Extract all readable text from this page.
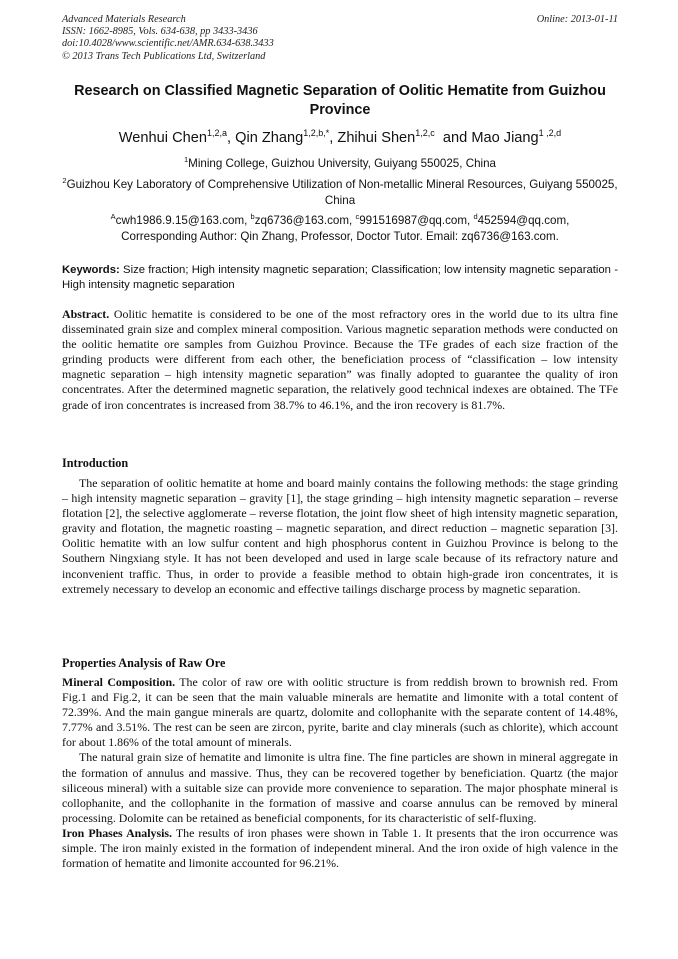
Advanced Materials Research
ISSN: 1662-8985, Vols. 634-638, pp 3433-3436
doi:10.4028/www.scientific.net/AMR.634-638.3433
© 2013 Trans Tech Publications Ltd, Switzerland
Online: 2013-01-11
Research on Classified Magnetic Separation of Oolitic Hematite from Guizhou Province
Wenhui Chen$^{1,2,a}$, Qin Zhang$^{1,2,b,*}$, Zhihui Shen$^{1,2,c}$  and Mao Jiang$^{1 ,2,d}$
$^1$Mining College, Guizhou University, Guiyang 550025, China
$^2$Guizhou Key Laboratory of Comprehensive Utilization of Non-metallic Mineral Resources, Guiyang 550025, China
$^A$cwh1986.9.15@163.com, $^b$zq6736@163.com, $^c$991516987@qq.com, $^d$452594@qq.com,
Corresponding Author: Qin Zhang, Professor, Doctor Tutor. Email: zq6736@163.com.
Keywords: Size fraction; High intensity magnetic separation; Classification; low intensity magnetic separation - High intensity magnetic separation

Abstract. Oolitic hematite is considered to be one of the most refractory ores in the world due to its ultra fine disseminated grain size and complex mineral composition. Various magnetic separation methods were conducted on the oolitic hematite ore samples from Guizhou Province. Because the TFe grades of each size fraction of the grinding products were different from each other, the beneficiation process of “classification – low intensity magnetic separation – high intensity magnetic separation” was finally adopted to guarantee the quality of iron concentrates. After the determined magnetic separation, the relatively good technical indexes are obtained. The TFe grade of iron concentrates is increased from 38.7% to 46.1%, and the iron recovery is 81.7%.

Introduction

The separation of oolitic hematite at home and board mainly contains the following methods: the stage grinding – high intensity magnetic separation – gravity [1], the stage grinding – high intensity magnetic separation – reverse flotation [2], the selective agglomerate – reverse flotation, the joint flow sheet of high intensity magnetic separation, gravity and flotation, the magnetic roasting – magnetic separation, and direct reduction – magnetic separation [3]. Oolitic hematite with an low sulfur content and high phosphorus content in Guizhou Province is belong to the Southern Ningxiang style. It has not been developed and used in large scale because of its refractory nature and inconvenient traffic. Thus, in order to provide a feasible method to obtain high-grade iron concentrates, it is extremely necessary to develop an economic and effective tailings discharge process by magnetic separation.

Properties Analysis of Raw Ore

Mineral Composition. The color of raw ore with oolitic structure is from reddish brown to brownish red. From Fig.1 and Fig.2, it can be seen that the main valuable minerals are hematite and limonite with a total content of 72.39%. And the main gangue minerals are quartz, dolomite and collophanite with the separate content of 14.48%, 7.77% and 3.51%. The rest can be seen are zircon, pyrite, barite and clay minerals (such as chlorite), which account for about 1.86% of the total amount of minerals.

The natural grain size of hematite and limonite is ultra fine. The fine particles are shown in mineral aggregate in the formation of annulus and massive. Thus, they can be recovered together by beneficiation. Quartz (the major siliceous mineral) with a suitable size can provide more convenience to separation. The major phosphate mineral is collophanite, and the collophanite in the formation of massive and coarse annulus can be removed by mineral processing. Dolomite can be retained as beneficial components, for its characteristic of self-fluxing.

Iron Phases Analysis. The results of iron phases were shown in Table 1. It presents that the iron occurrence was simple. The iron mainly existed in the formation of independent mineral. And the iron oxide of high valence in the formation of hematite and limonite accounted for 96.21%.
